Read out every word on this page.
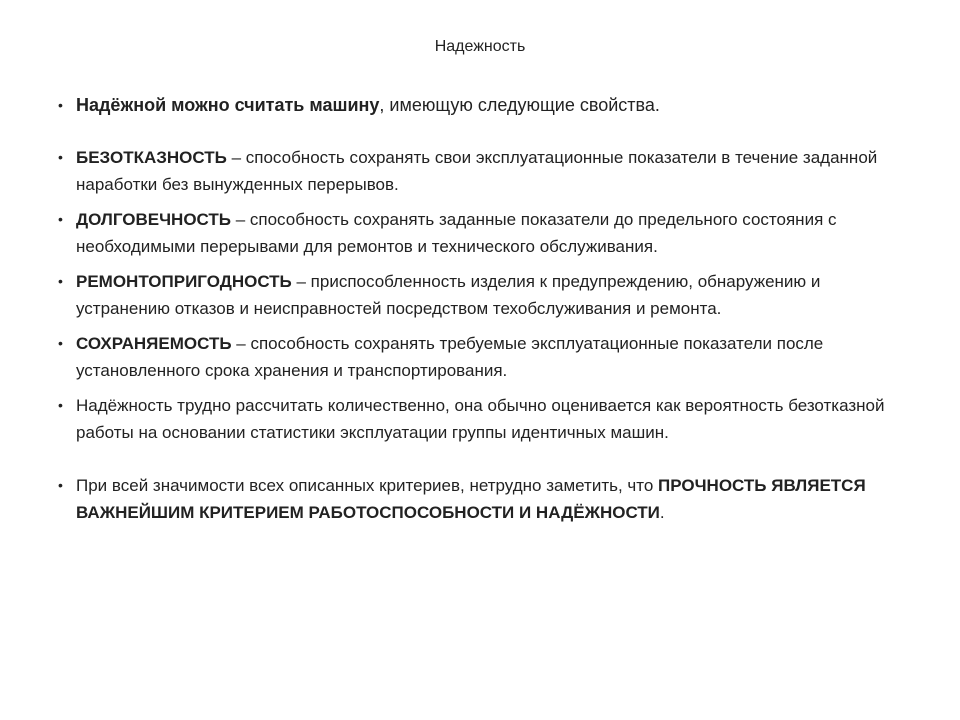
Надежность
• Надёжной можно считать машину, имеющую следующие свойства.
• БЕЗОТКАЗНОСТЬ – способность сохранять свои эксплуатационные показатели в течение заданной наработки без вынужденных перерывов.
• ДОЛГОВЕЧНОСТЬ – способность сохранять заданные показатели до предельного состояния с необходимыми перерывами для ремонтов и технического обслуживания.
• РЕМОНТОПРИГОДНОСТЬ – приспособленность изделия к предупреждению, обнаружению и устранению отказов и неисправностей посредством техобслуживания и ремонта.
• СОХРАНЯЕМОСТЬ – способность сохранять требуемые эксплуатационные показатели после установленного срока хранения и транспортирования.
• Надёжность трудно рассчитать количественно, она обычно оценивается как вероятность безотказной работы на основании статистики эксплуатации группы идентичных машин.
• При всей значимости всех описанных критериев, нетрудно заметить, что ПРОЧНОСТЬ ЯВЛЯЕТСЯ ВАЖНЕЙШИМ КРИТЕРИЕМ РАБОТОСПОСОБНОСТИ И НАДЁЖНОСТИ.
